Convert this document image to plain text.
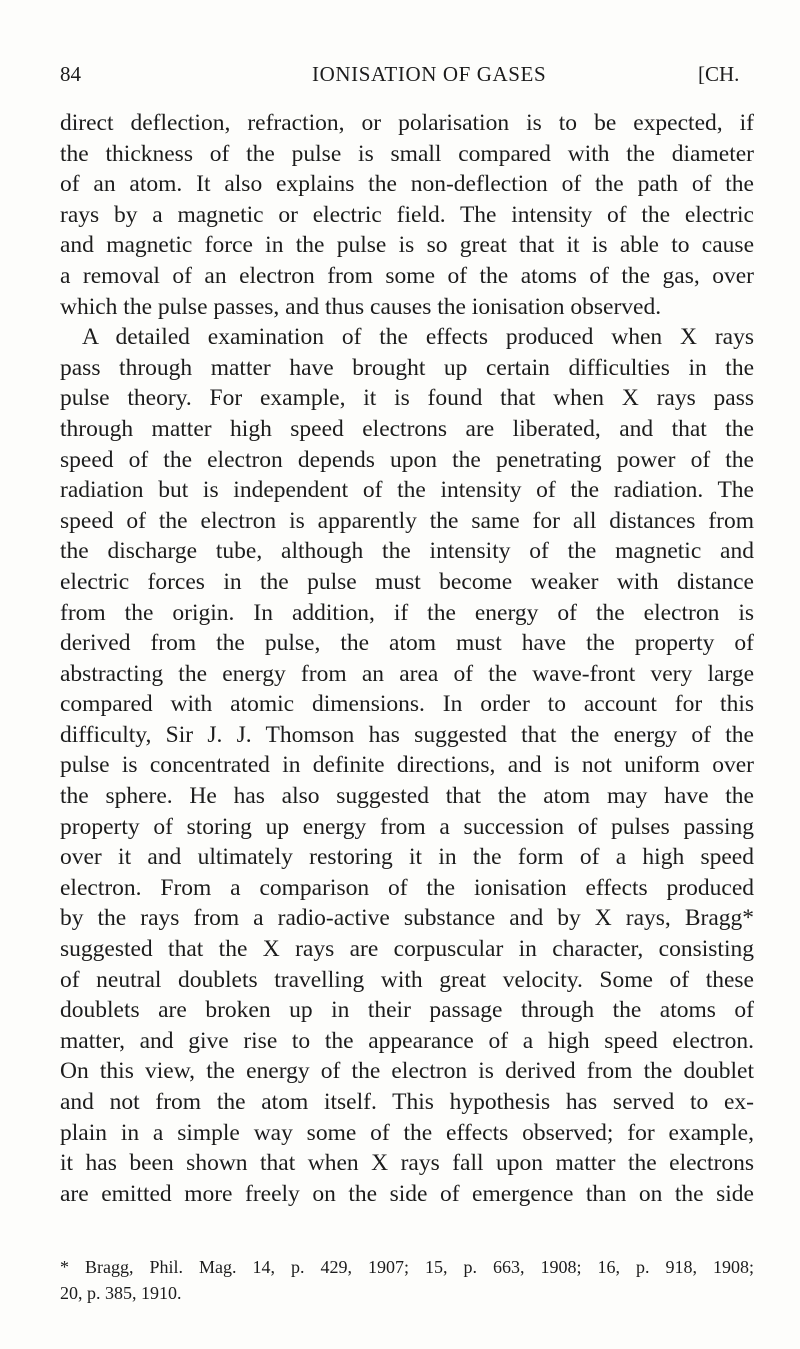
84	IONISATION OF GASES	[CH.
direct deflection, refraction, or polarisation is to be expected, if
the thickness of the pulse is small compared with the diameter
of an atom. It also explains the non-deflection of the path of the
rays by a magnetic or electric field. The intensity of the electric
and magnetic force in the pulse is so great that it is able to cause
a removal of an electron from some of the atoms of the gas, over
which the pulse passes, and thus causes the ionisation observed.
A detailed examination of the effects produced when X rays
pass through matter have brought up certain difficulties in the
pulse theory. For example, it is found that when X rays pass
through matter high speed electrons are liberated, and that the
speed of the electron depends upon the penetrating power of the
radiation but is independent of the intensity of the radiation. The
speed of the electron is apparently the same for all distances from
the discharge tube, although the intensity of the magnetic and
electric forces in the pulse must become weaker with distance
from the origin. In addition, if the energy of the electron is
derived from the pulse, the atom must have the property of
abstracting the energy from an area of the wave-front very large
compared with atomic dimensions. In order to account for this
difficulty, Sir J. J. Thomson has suggested that the energy of the
pulse is concentrated in definite directions, and is not uniform over
the sphere. He has also suggested that the atom may have the
property of storing up energy from a succession of pulses passing
over it and ultimately restoring it in the form of a high speed
electron. From a comparison of the ionisation effects produced
by the rays from a radio-active substance and by X rays, Bragg*
suggested that the X rays are corpuscular in character, consisting
of neutral doublets travelling with great velocity. Some of these
doublets are broken up in their passage through the atoms of
matter, and give rise to the appearance of a high speed electron.
On this view, the energy of the electron is derived from the doublet
and not from the atom itself. This hypothesis has served to ex-
plain in a simple way some of the effects observed; for example,
it has been shown that when X rays fall upon matter the electrons
are emitted more freely on the side of emergence than on the side
* Bragg, Phil. Mag. 14, p. 429, 1907; 15, p. 663, 1908; 16, p. 918, 1908;
20, p. 385, 1910.
